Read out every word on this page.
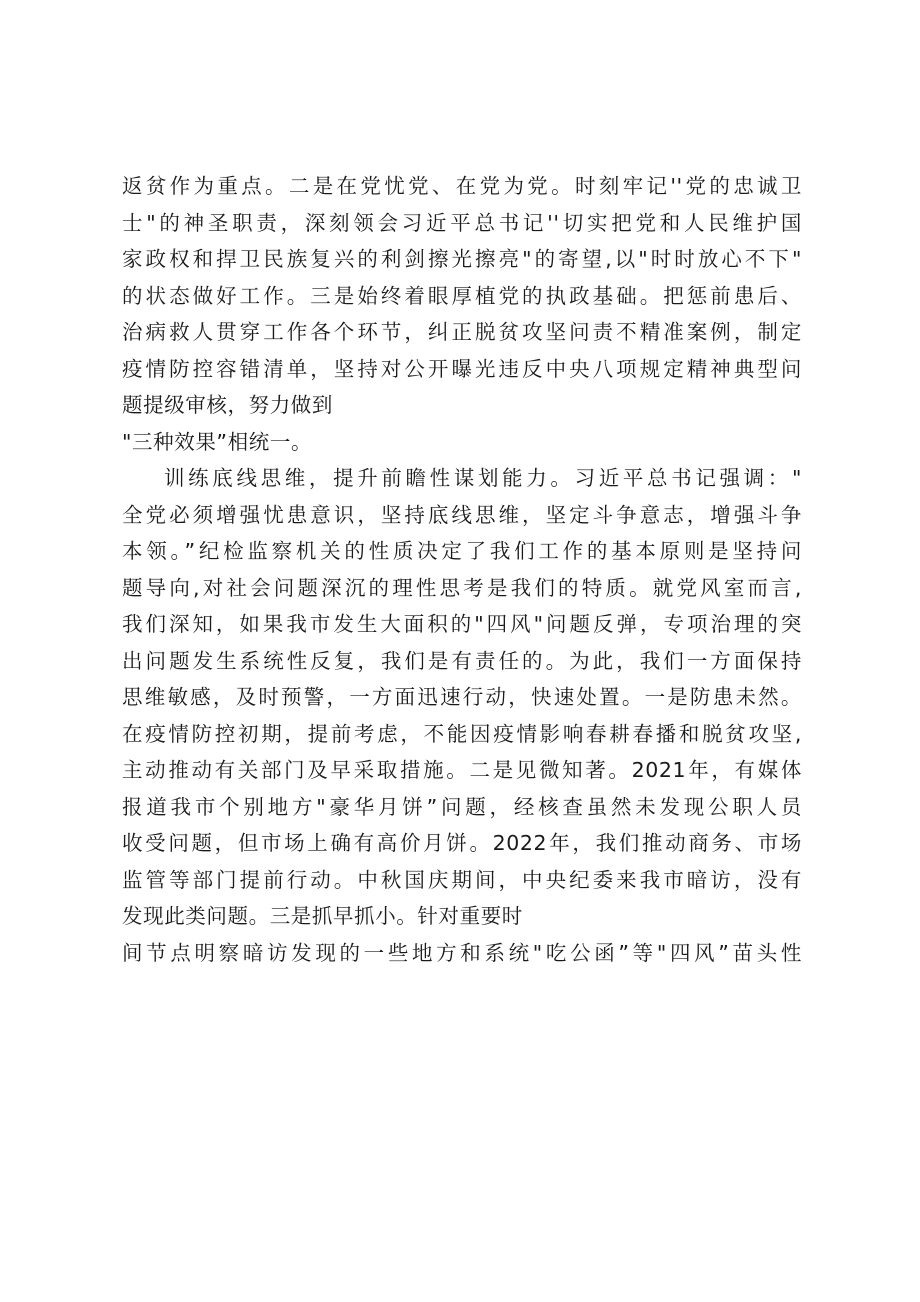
返贫作为重点。二是在党忧党、在党为党。时刻牢记''党的忠诚卫
士"的神圣职责，深刻领会习近平总书记''切实把党和人民维护国
家政权和捍卫民族复兴的利剑擦光擦亮"的寄望,以"时时放心不下"
的状态做好工作。三是始终着眼厚植党的执政基础。把惩前患后、
治病救人贯穿工作各个环节，纠正脱贫攻坚问责不精准案例，制定
疫情防控容错清单，坚持对公开曝光违反中央八项规定精神典型问
题提级审核，努力做到
"三种效果”相统一。
训练底线思维，提升前瞻性谋划能力。习近平总书记强调："
全党必须增强忧患意识，坚持底线思维，坚定斗争意志，增强斗争
本领。”纪检监察机关的性质决定了我们工作的基本原则是坚持问
题导向,对社会问题深沉的理性思考是我们的特质。就党风室而言,
我们深知，如果我市发生大面积的"四风"问题反弹，专项治理的突
出问题发生系统性反复，我们是有责任的。为此，我们一方面保持
思维敏感，及时预警，一方面迅速行动，快速处置。一是防患未然。
在疫情防控初期，提前考虑，不能因疫情影响春耕春播和脱贫攻坚,
主动推动有关部门及早采取措施。二是见微知著。2021年，有媒体
报道我市个别地方"豪华月饼”问题，经核查虽然未发现公职人员
收受问题，但市场上确有高价月饼。2022年，我们推动商务、市场
监管等部门提前行动。中秋国庆期间，中央纪委来我市暗访，没有
发现此类问题。三是抓早抓小。针对重要时
间节点明察暗访发现的一些地方和系统"吃公函”等"四风”苗头性
